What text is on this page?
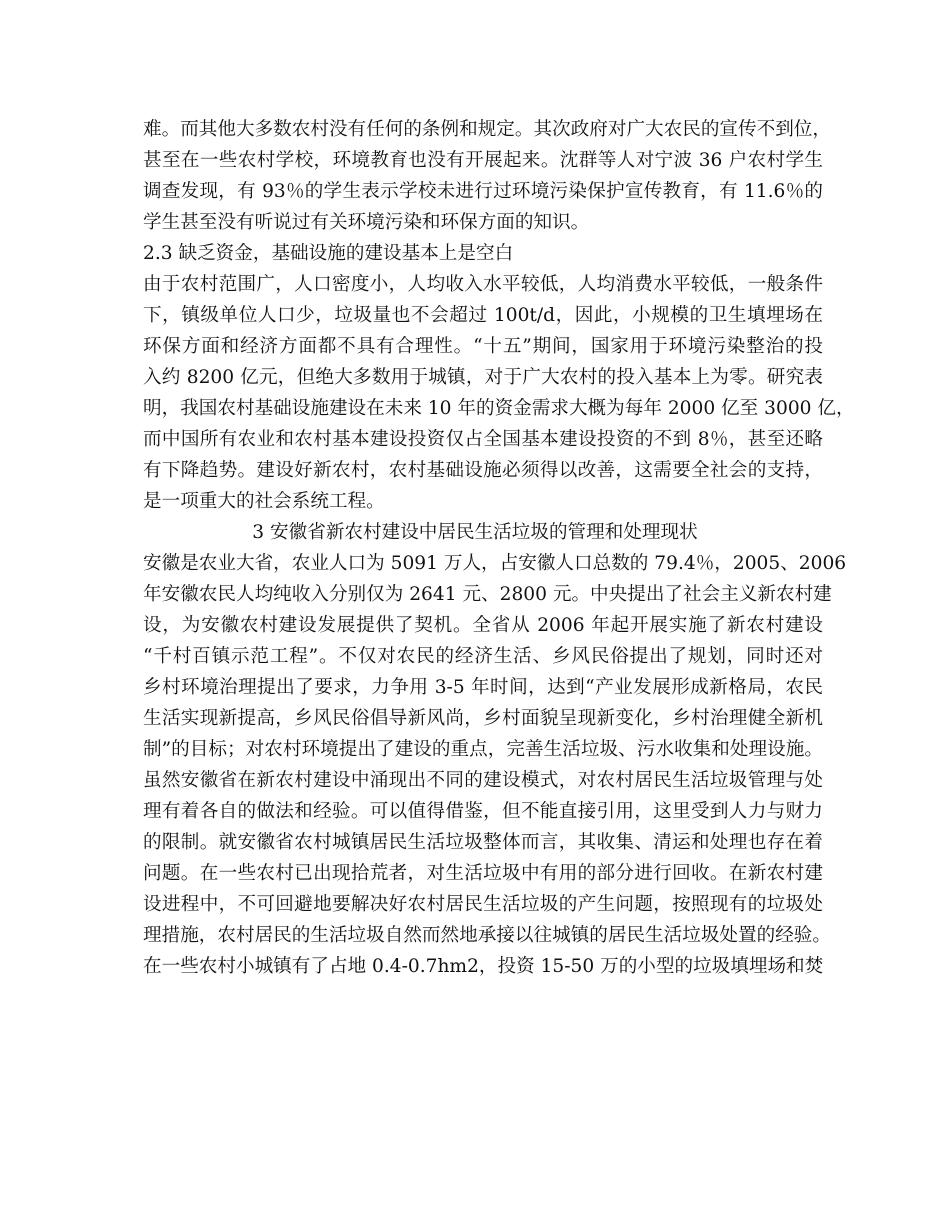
难。而其他大多数农村没有任何的条例和规定。其次政府对广大农民的宣传不到位，
甚至在一些农村学校，环境教育也没有开展起来。沈群等人对宁波 36 户农村学生
调查发现，有 93％的学生表示学校未进行过环境污染保护宣传教育，有 11.6％的
学生甚至没有听说过有关环境污染和环保方面的知识。
2.3 缺乏资金，基础设施的建设基本上是空白
由于农村范围广，人口密度小，人均收入水平较低，人均消费水平较低，一般条件
下，镇级单位人口少，垃圾量也不会超过 100t/d，因此，小规模的卫生填埋场在
环保方面和经济方面都不具有合理性。“十五”期间，国家用于环境污染整治的投
入约 8200 亿元，但绝大多数用于城镇，对于广大农村的投入基本上为零。研究表
明，我国农村基础设施建设在未来 10 年的资金需求大概为每年 2000 亿至 3000 亿，
而中国所有农业和农村基本建设投资仅占全国基本建设投资的不到 8％，甚至还略
有下降趋势。建设好新农村，农村基础设施必须得以改善，这需要全社会的支持，
是一项重大的社会系统工程。
3 安徽省新农村建设中居民生活垃圾的管理和处理现状
安徽是农业大省，农业人口为 5091 万人，占安徽人口总数的 79.4％，2005、2006
年安徽农民人均纯收入分别仅为 2641 元、2800 元。中央提出了社会主义新农村建
设，为安徽农村建设发展提供了契机。全省从 2006 年起开展实施了新农村建设
“千村百镇示范工程”。不仅对农民的经济生活、乡风民俗提出了规划，同时还对
乡村环境治理提出了要求，力争用 3-5 年时间，达到“产业发展形成新格局，农民
生活实现新提高，乡风民俗倡导新风尚，乡村面貌呈现新变化，乡村治理健全新机
制”的目标；对农村环境提出了建设的重点，完善生活垃圾、污水收集和处理设施。
虽然安徽省在新农村建设中涌现出不同的建设模式，对农村居民生活垃圾管理与处
理有着各自的做法和经验。可以值得借鉴，但不能直接引用，这里受到人力与财力
的限制。就安徽省农村城镇居民生活垃圾整体而言，其收集、清运和处理也存在着
问题。在一些农村已出现拾荒者，对生活垃圾中有用的部分进行回收。在新农村建
设进程中，不可回避地要解决好农村居民生活垃圾的产生问题，按照现有的垃圾处
理措施，农村居民的生活垃圾自然而然地承接以往城镇的居民生活垃圾处置的经验。
在一些农村小城镇有了占地 0.4-0.7hm2，投资 15-50 万的小型的垃圾填埋场和焚
